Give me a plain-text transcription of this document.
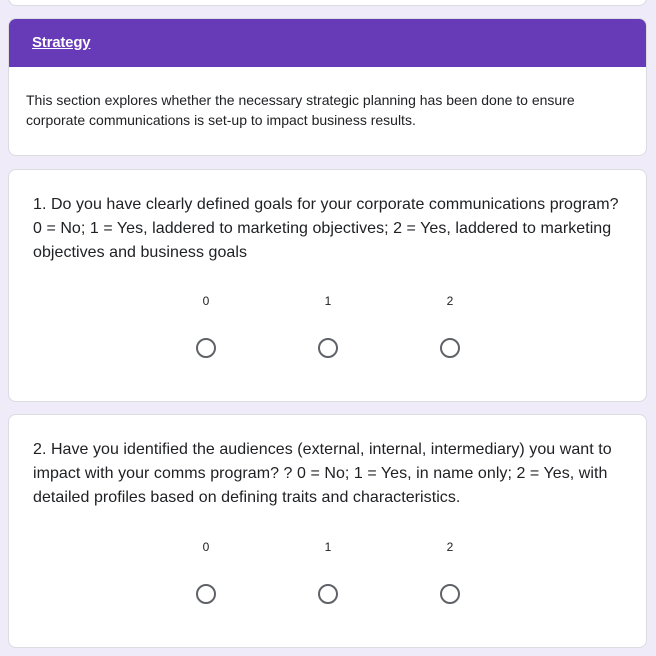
Strategy
This section explores whether the necessary strategic planning has been done to ensure corporate communications is set-up to impact business results.
1. Do you have clearly defined goals for your corporate communications program? 0 = No; 1 = Yes, laddered to marketing objectives; 2 = Yes, laddered to marketing objectives and business goals
0	1	2
2. Have you identified the audiences (external, internal, intermediary) you want to impact with your comms program? ? 0 = No; 1 = Yes, in name only; 2 = Yes, with detailed profiles based on defining traits and characteristics.
0	1	2
